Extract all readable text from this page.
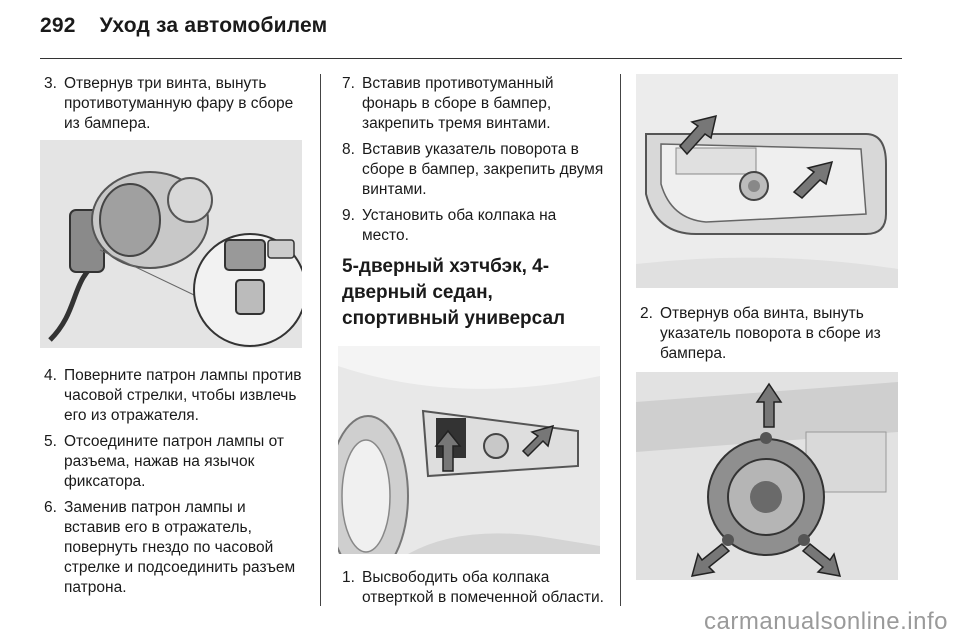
292 Уход за автомобилем
3. Отвернув три винта, вынуть противотуманную фару в сборе из бампера.
4. Поверните патрон лампы против часовой стрелки, чтобы извлечь его из отражателя.
5. Отсоедините патрон лампы от разъема, нажав на язычок фиксатора.
6. Заменив патрон лампы и вставив его в отражатель, повернуть гнездо по часовой стрелке и подсоединить разъем патрона.
7. Вставив противотуманный фонарь в сборе в бампер, закрепить тремя винтами.
8. Вставив указатель поворота в сборе в бампер, закрепить двумя винтами.
9. Установить оба колпака на место.
5-дверный хэтчбэк, 4-дверный седан, спортивный универсал
1. Высвободить оба колпака отверткой в помеченной области.
2. Отвернув оба винта, вынуть указатель поворота в сборе из бампера.
carmanualsonline.info
